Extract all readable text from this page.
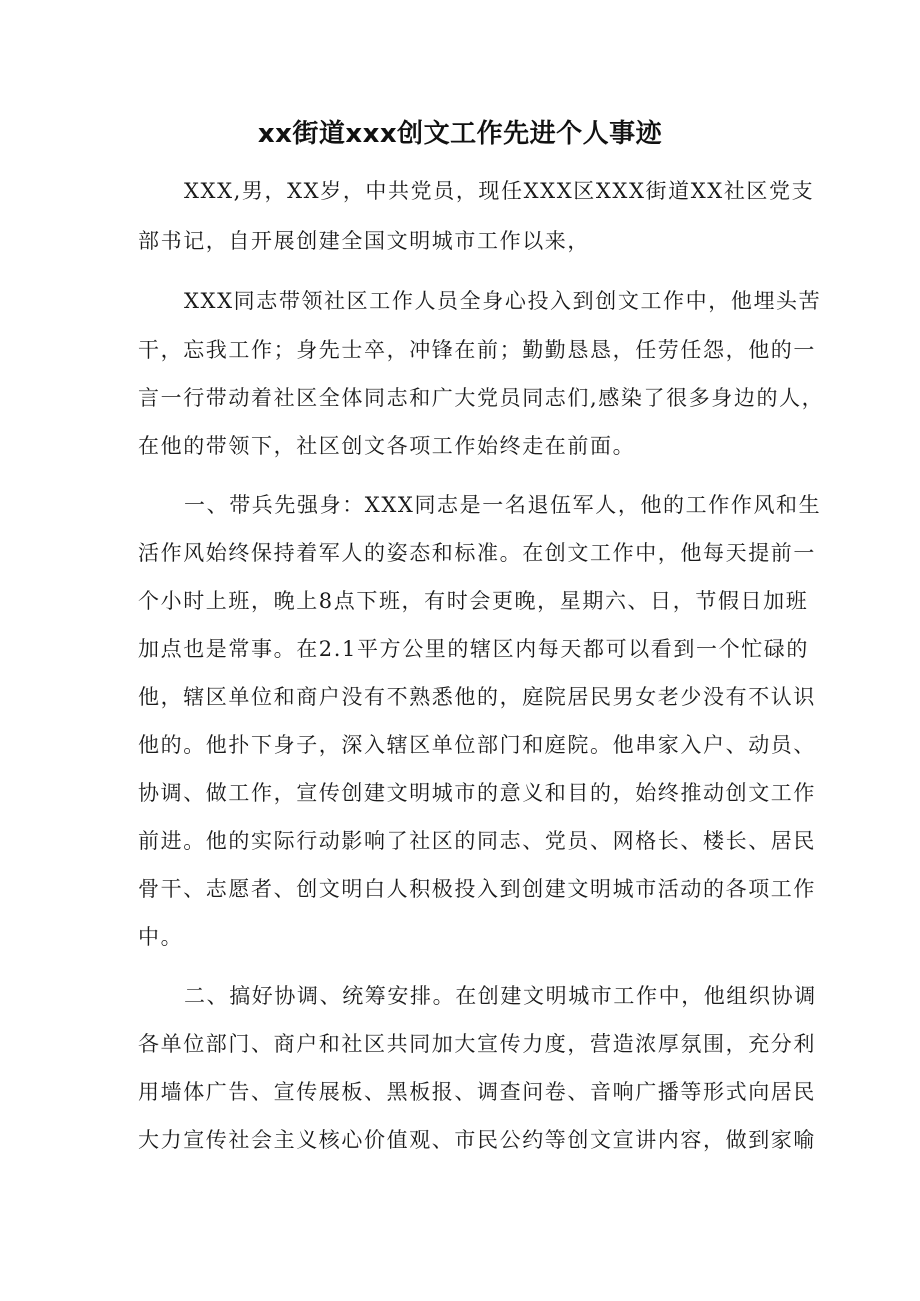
xx街道xxx创文工作先进个人事迹
XXX,男，XX岁，中共党员，现任XXX区XXX街道XX社区党支
部书记，自开展创建全国文明城市工作以来，
XXX同志带领社区工作人员全身心投入到创文工作中，他埋头苦
干，忘我工作；身先士卒，冲锋在前；勤勤恳恳，任劳任怨，他的一
言一行带动着社区全体同志和广大党员同志们,感染了很多身边的人，
在他的带领下，社区创文各项工作始终走在前面。
一、带兵先强身：XXX同志是一名退伍军人，他的工作作风和生
活作风始终保持着军人的姿态和标准。在创文工作中，他每天提前一
个小时上班，晚上8点下班，有时会更晚，星期六、日，节假日加班
加点也是常事。在2.1平方公里的辖区内每天都可以看到一个忙碌的
他，辖区单位和商户没有不熟悉他的，庭院居民男女老少没有不认识
他的。他扑下身子，深入辖区单位部门和庭院。他串家入户、动员、
协调、做工作，宣传创建文明城市的意义和目的，始终推动创文工作
前进。他的实际行动影响了社区的同志、党员、网格长、楼长、居民
骨干、志愿者、创文明白人积极投入到创建文明城市活动的各项工作
中。
二、搞好协调、统筹安排。在创建文明城市工作中，他组织协调
各单位部门、商户和社区共同加大宣传力度，营造浓厚氛围，充分利
用墙体广告、宣传展板、黑板报、调查问卷、音响广播等形式向居民
大力宣传社会主义核心价值观、市民公约等创文宣讲内容，做到家喻
